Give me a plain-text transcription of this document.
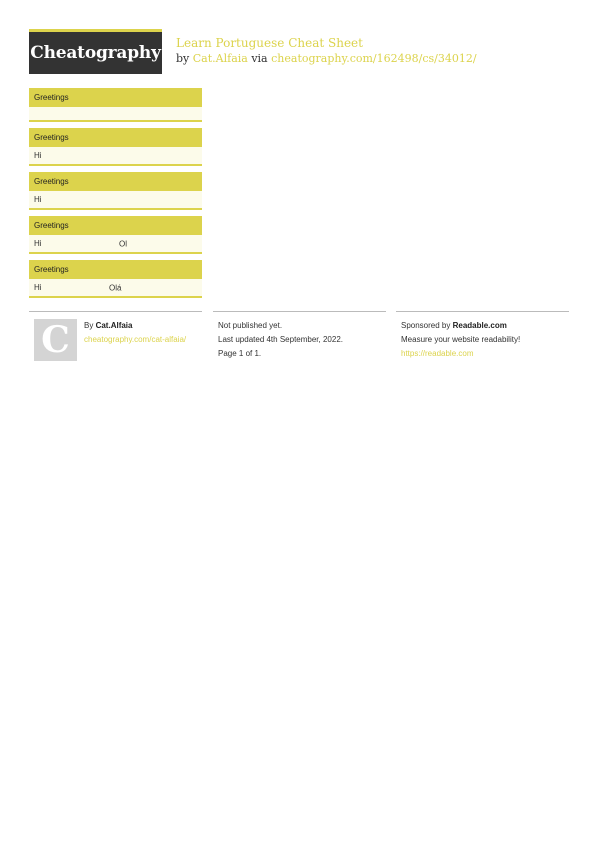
Cheatography Learn Portuguese Cheat Sheet
by Cat.Alfaia via cheatography.com/162498/cs/34012/
Greetings
Greetings
Hi
Greetings
Hi
Greetings
Hi	Ol
Greetings
Hi	Olá
C By Cat.Alfaia
cheatography.com/cat-alfaia/
Not published yet.
Last updated 4th September, 2022.
Page 1 of 1.
Sponsored by Readable.com
Measure your website readability!
https://readable.com
